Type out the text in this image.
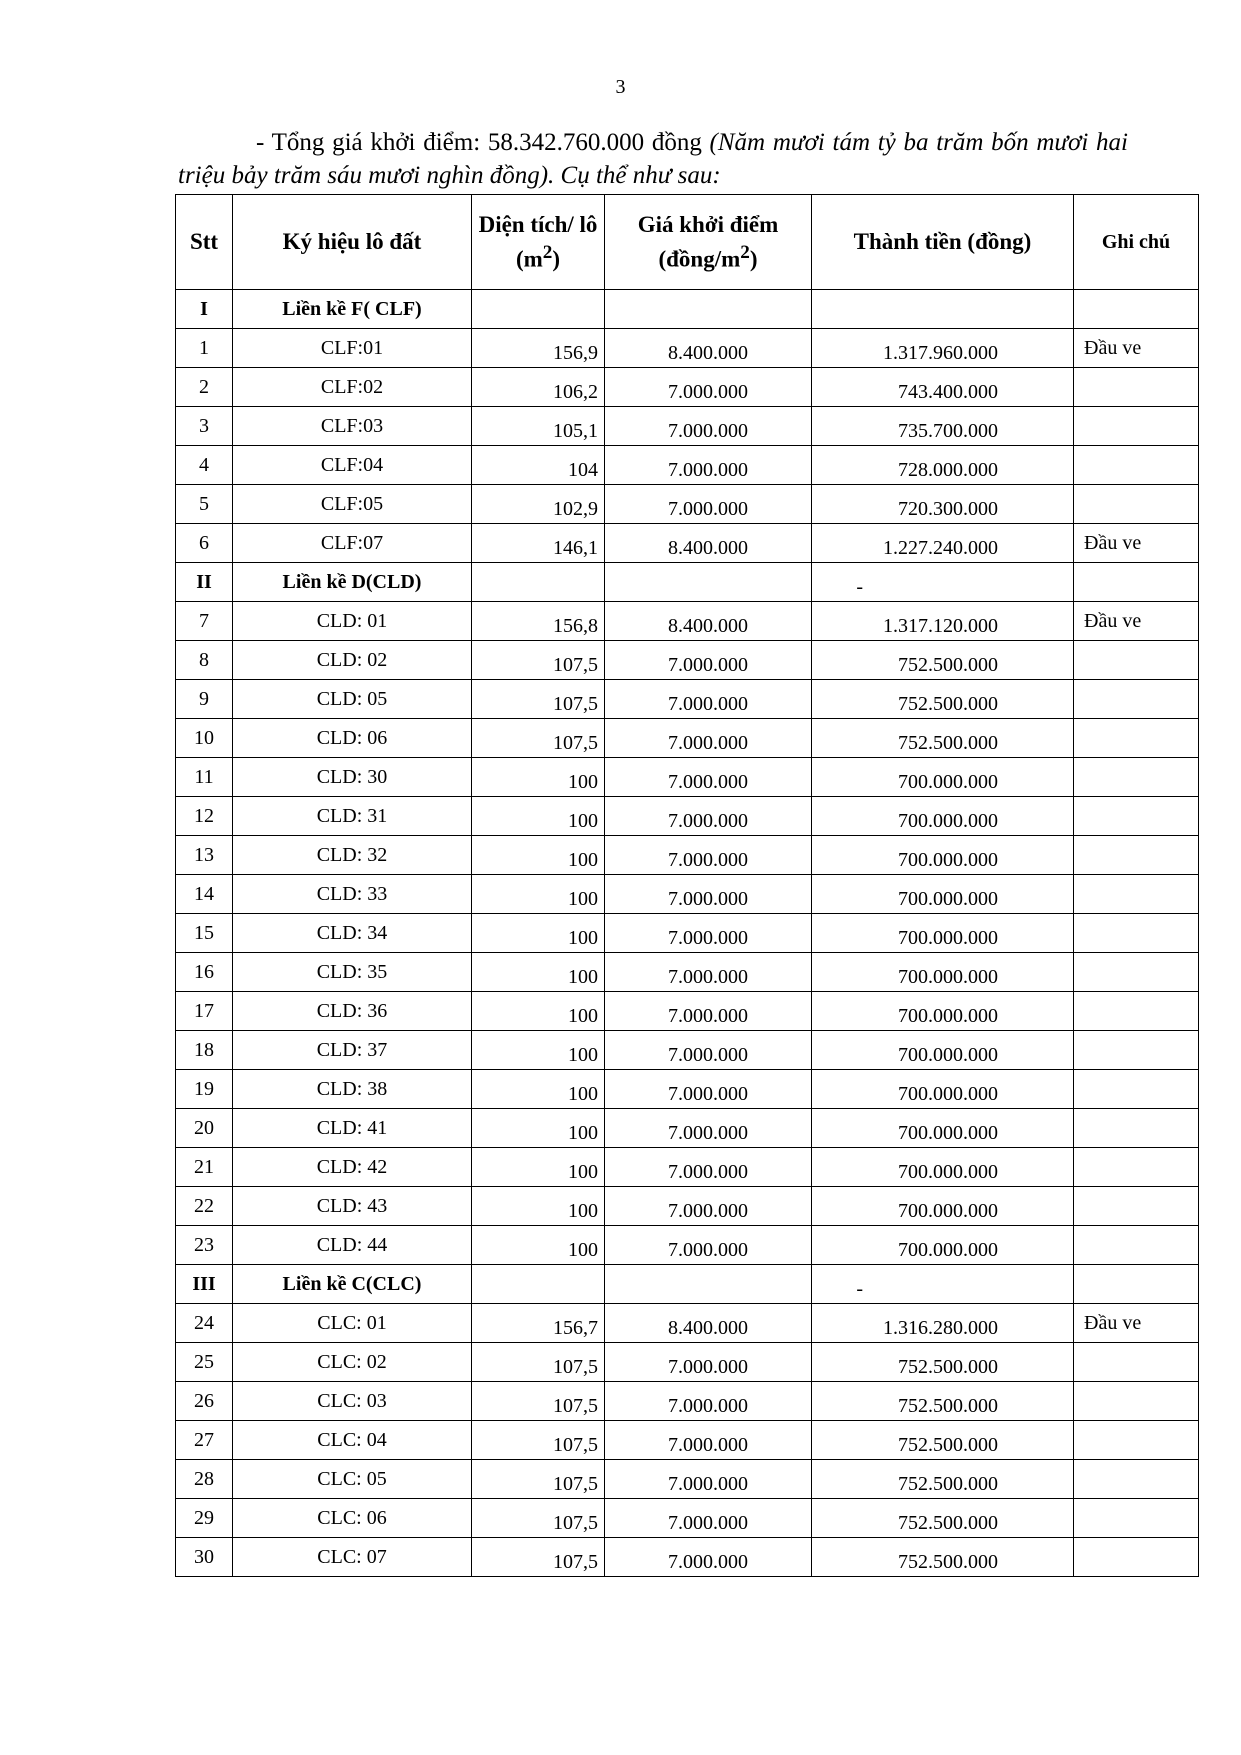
3
- Tổng giá khởi điểm: 58.342.760.000 đồng (Năm mươi tám tỷ ba trăm bốn mươi hai triệu bảy trăm sáu mươi nghìn đồng). Cụ thể như sau:
Stt	Ký hiệu lô đất	Diện tích/ lô $(m^2)$	Giá khởi điểm $(đồng/m^2)$	Thành tiền (đồng)	Ghi chú
I	Liền kề F( CLF)				
1	CLF:01	156,9	8.400.000	1.317.960.000	Đầu ve
2	CLF:02	106,2	7.000.000	743.400.000	
3	CLF:03	105,1	7.000.000	735.700.000	
4	CLF:04	104	7.000.000	728.000.000	
5	CLF:05	102,9	7.000.000	720.300.000	
6	CLF:07	146,1	8.400.000	1.227.240.000	Đầu ve
II	Liền kề D(CLD)			-	
7	CLD: 01	156,8	8.400.000	1.317.120.000	Đầu ve
8	CLD: 02	107,5	7.000.000	752.500.000	
9	CLD: 05	107,5	7.000.000	752.500.000	
10	CLD: 06	107,5	7.000.000	752.500.000	
11	CLD: 30	100	7.000.000	700.000.000	
12	CLD: 31	100	7.000.000	700.000.000	
13	CLD: 32	100	7.000.000	700.000.000	
14	CLD: 33	100	7.000.000	700.000.000	
15	CLD: 34	100	7.000.000	700.000.000	
16	CLD: 35	100	7.000.000	700.000.000	
17	CLD: 36	100	7.000.000	700.000.000	
18	CLD: 37	100	7.000.000	700.000.000	
19	CLD: 38	100	7.000.000	700.000.000	
20	CLD: 41	100	7.000.000	700.000.000	
21	CLD: 42	100	7.000.000	700.000.000	
22	CLD: 43	100	7.000.000	700.000.000	
23	CLD: 44	100	7.000.000	700.000.000	
III	Liền kề C(CLC)			-	
24	CLC: 01	156,7	8.400.000	1.316.280.000	Đầu ve
25	CLC: 02	107,5	7.000.000	752.500.000	
26	CLC: 03	107,5	7.000.000	752.500.000	
27	CLC: 04	107,5	7.000.000	752.500.000	
28	CLC: 05	107,5	7.000.000	752.500.000	
29	CLC: 06	107,5	7.000.000	752.500.000	
30	CLC: 07	107,5	7.000.000	752.500.000	
